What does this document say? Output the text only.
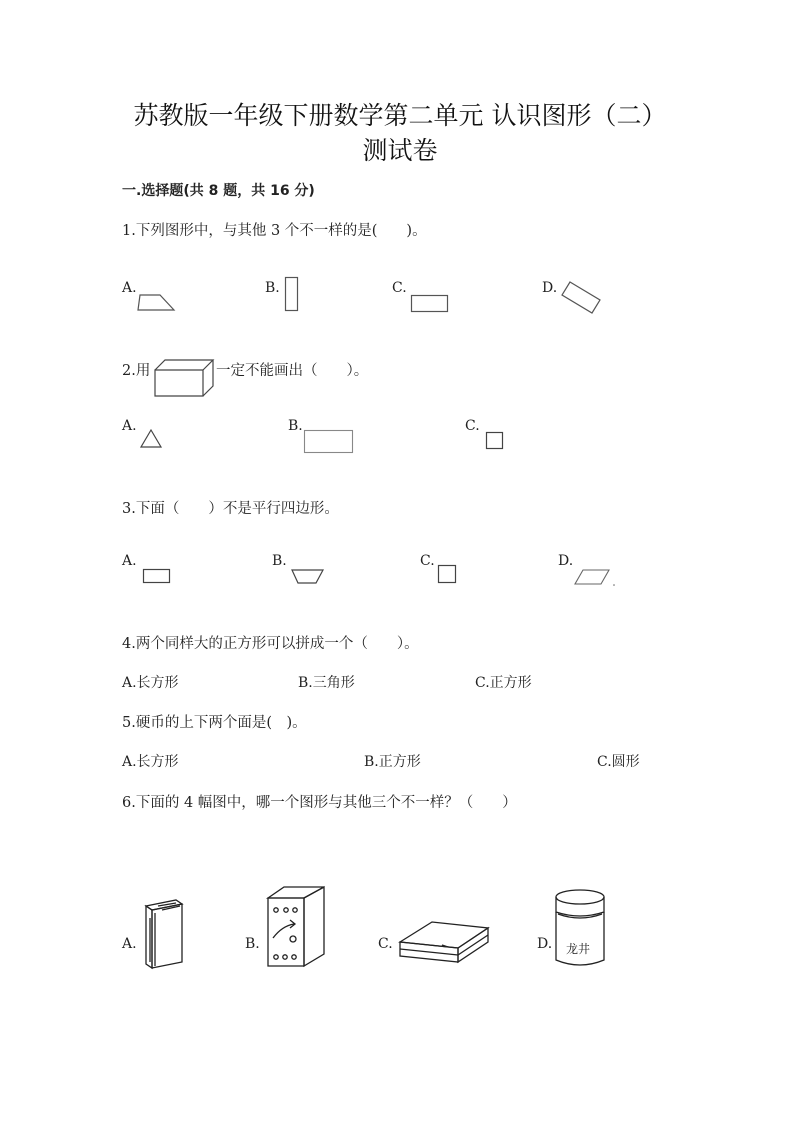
苏教版一年级下册数学第二单元 认识图形（二）
测试卷
一.选择题(共 8 题，共 16 分)
1.下列图形中，与其他 3 个不一样的是(　　)。
A.	B.	C.	D.
2.用	一定不能画出（　　）。
A.	B.	C.
3.下面（　　）不是平行四边形。
A.	B.	C.	D.
4.两个同样大的正方形可以拼成一个（　　）。
A.长方形	B.三角形	C.正方形
5.硬币的上下两个面是(　)。
A.长方形	B.正方形	C.圆形
6.下面的 4 幅图中，哪一个图形与其他三个不一样？（　　）
A.	B.	C.	D. 龙井
